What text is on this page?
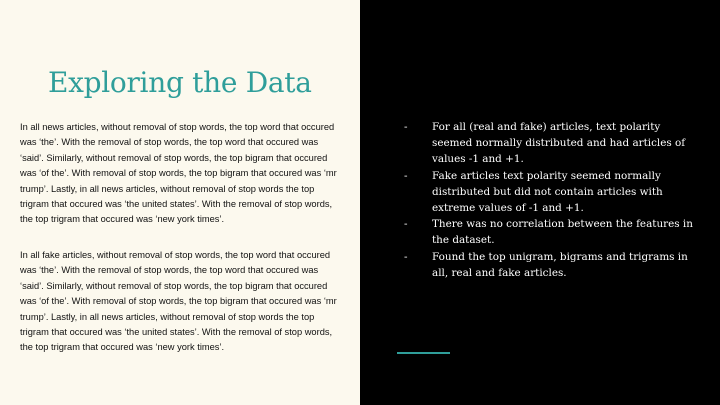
Exploring the Data

In all news articles, without removal of stop words, the top word that occured was ‘the’. With the removal of stop words, the top word that occured was ‘said’. Similarly, without removal of stop words, the top bigram that occured was ‘of the’. With removal of stop words, the top bigram that occured was ‘mr trump’. Lastly, in all news articles, without removal of stop words the top trigram that occured was ‘the united states’. With the removal of stop words, the top trigram that occured was ‘new york times’.

In all fake articles, without removal of stop words, the top word that occured was ‘the’. With the removal of stop words, the top word that occured was ‘said’. Similarly, without removal of stop words, the top bigram that occured was ‘of the’. With removal of stop words, the top bigram that occured was ‘mr trump’. Lastly, in all news articles, without removal of stop words the top trigram that occured was ‘the united states’. With the removal of stop words, the top trigram that occured was ‘new york times’.

- For all (real and fake) articles, text polarity seemed normally distributed and had articles of values -1 and +1.
- Fake articles text polarity seemed normally distributed but did not contain articles with extreme values of -1 and +1.
- There was no correlation between the features in the dataset.
- Found the top unigram, bigrams and trigrams in all, real and fake articles.
